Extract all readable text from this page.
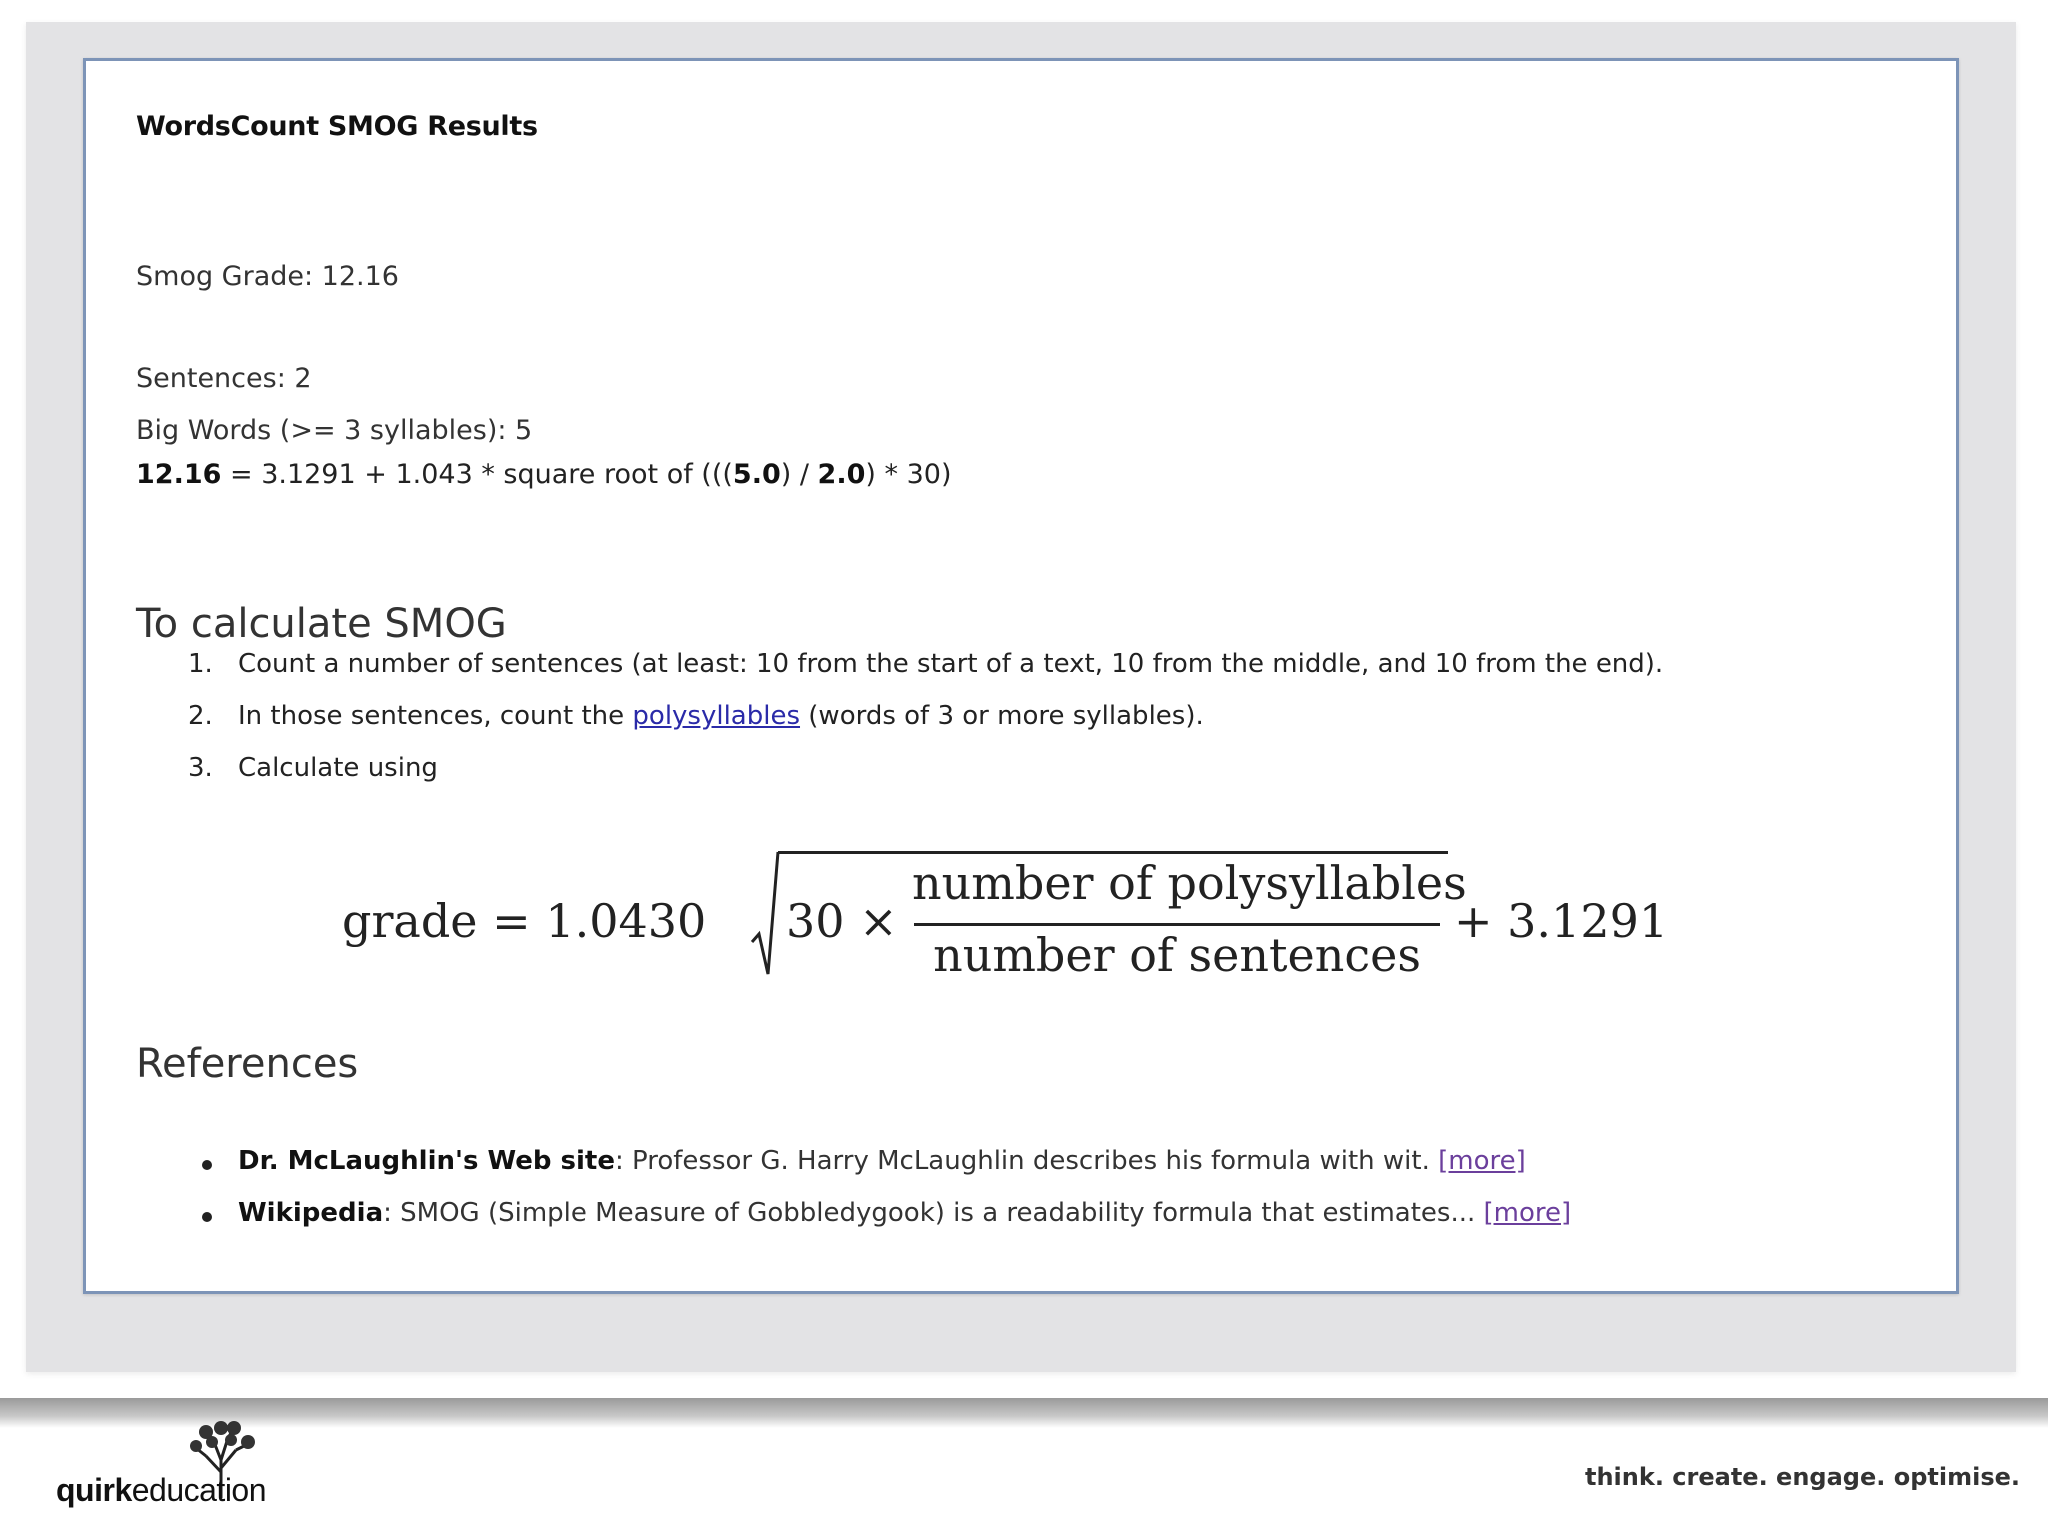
WordsCount SMOG Results
Smog Grade: 12.16
Sentences: 2
Big Words (>= 3 syllables): 5
12.16 = 3.1291 + 1.043 * square root of (((5.0) / 2.0) * 30)
To calculate SMOG
1. Count a number of sentences (at least: 10 from the start of a text, 10 from the middle, and 10 from the end).
2. In those sentences, count the polysyllables (words of 3 or more syllables).
3. Calculate using
grade = 1.0430 30 ×
number of polysyllables
number of sentences
+ 3.1291
References
Dr. McLaughlin's Web site: Professor G. Harry McLaughlin describes his formula with wit. [more]
Wikipedia: SMOG (Simple Measure of Gobbledygook) is a readability formula that estimates... [more]
quirkeducation	think. create. engage. optimise.
